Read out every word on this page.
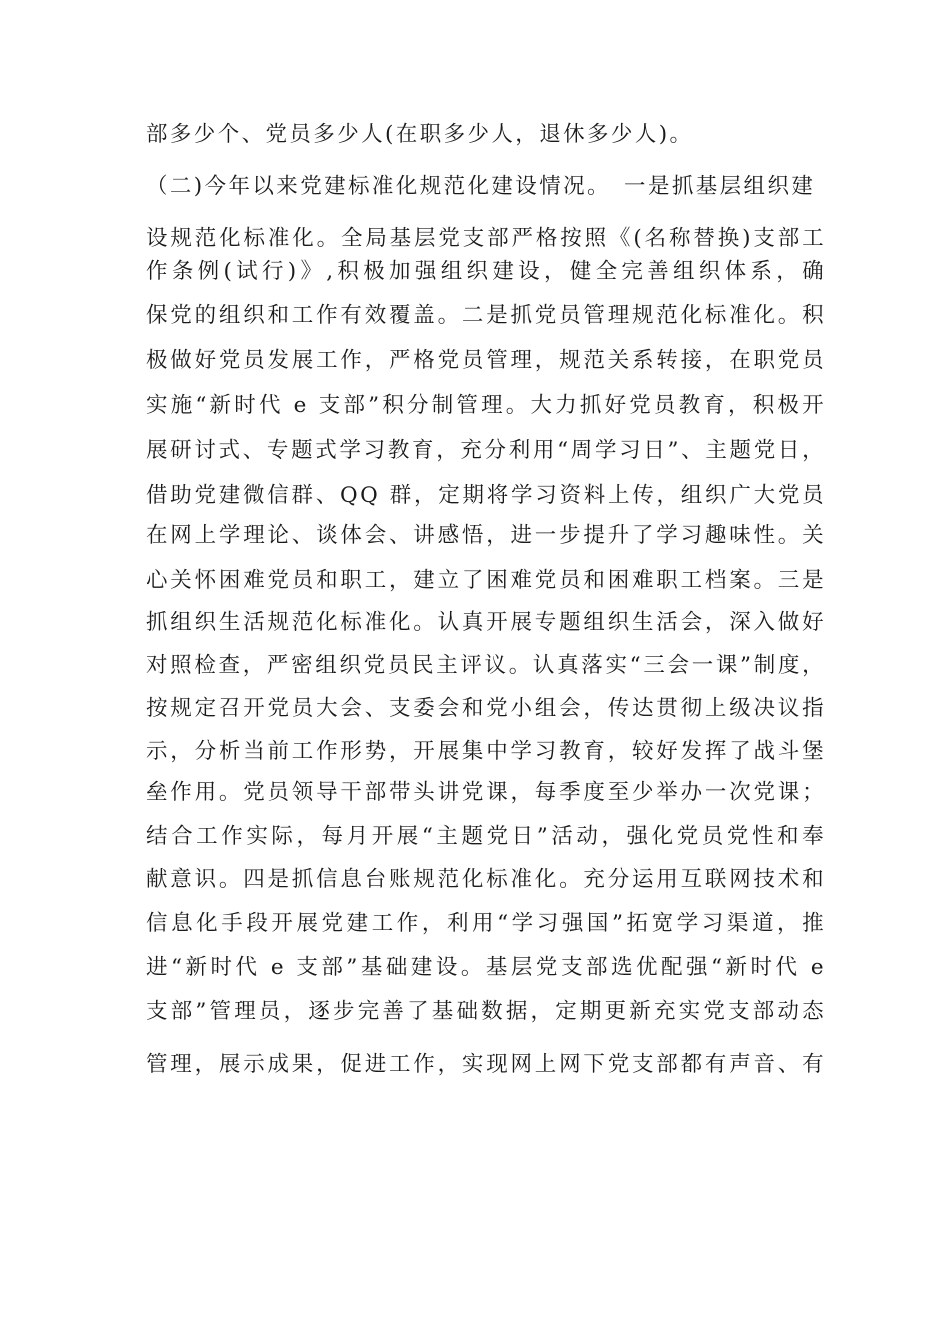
部多少个、党员多少人(在职多少人，退休多少人)。
（二)今年以来党建标准化规范化建设情况。　一是抓基层组织建
设规范化标准化。全局基层党支部严格按照《(名称替换)支部工
作条例(试行)》,积极加强组织建设，健全完善组织体系，确
保党的组织和工作有效覆盖。二是抓党员管理规范化标准化。积
极做好党员发展工作，严格党员管理，规范关系转接，在职党员
实施“新时代 e 支部”积分制管理。大力抓好党员教育，积极开
展研讨式、专题式学习教育，充分利用“周学习日”、主题党日，
借助党建微信群、QQ 群，定期将学习资料上传，组织广大党员
在网上学理论、谈体会、讲感悟，进一步提升了学习趣味性。关
心关怀困难党员和职工，建立了困难党员和困难职工档案。三是
抓组织生活规范化标准化。认真开展专题组织生活会，深入做好
对照检查，严密组织党员民主评议。认真落实“三会一课”制度，
按规定召开党员大会、支委会和党小组会，传达贯彻上级决议指
示，分析当前工作形势，开展集中学习教育，较好发挥了战斗堡
垒作用。党员领导干部带头讲党课，每季度至少举办一次党课；
结合工作实际，每月开展“主题党日”活动，强化党员党性和奉
献意识。四是抓信息台账规范化标准化。充分运用互联网技术和
信息化手段开展党建工作，利用“学习强国”拓宽学习渠道，推
进“新时代 e 支部”基础建设。基层党支部选优配强“新时代 e
支部”管理员，逐步完善了基础数据，定期更新充实党支部动态
管理，展示成果，促进工作，实现网上网下党支部都有声音、有
